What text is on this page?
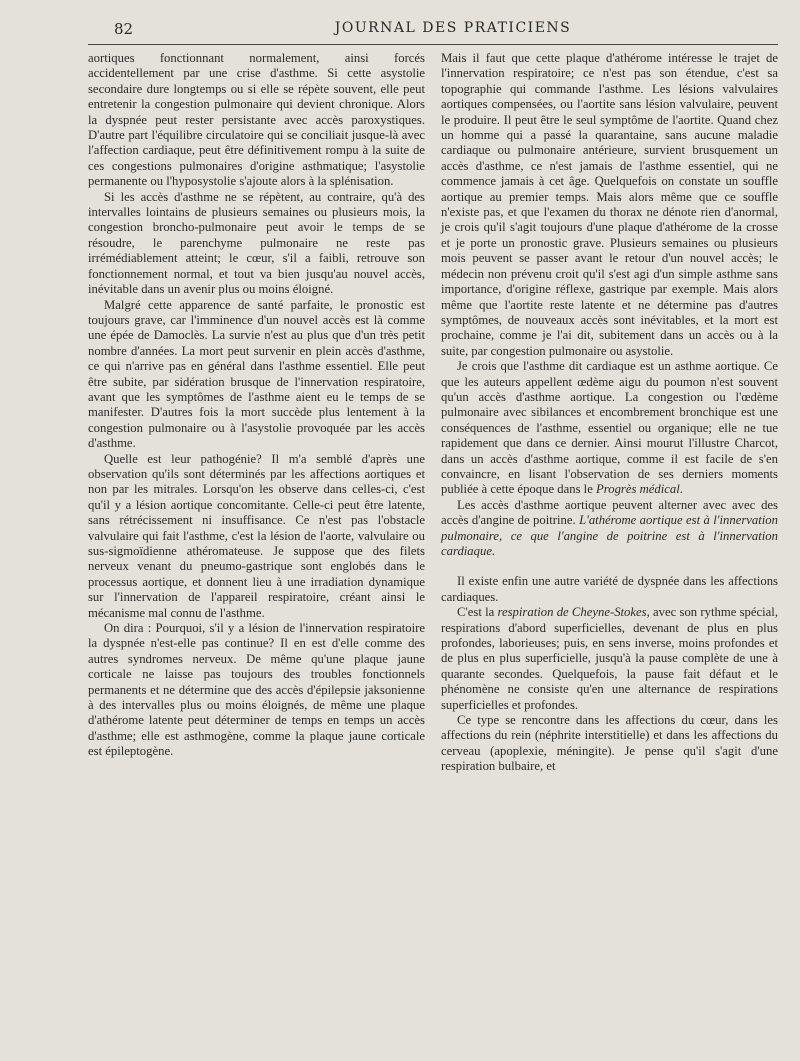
82	JOURNAL DES PRATICIENS

aortiques fonctionnant normalement, ainsi forcés accidentellement par une crise d'asthme. Si cette asystolie secondaire dure longtemps ou si elle se répète souvent, elle peut entretenir la congestion pulmonaire qui devient chronique. Alors la dyspnée peut rester persistante avec accès paroxystiques. D'autre part l'équilibre circulatoire qui se conciliait jusque-là avec l'affection cardiaque, peut être définitivement rompu à la suite de ces congestions pulmonaires d'origine asthmatique; l'asystolie permanente ou l'hyposystolie s'ajoute alors à la splénisation.

Si les accès d'asthme ne se répètent, au contraire, qu'à des intervalles lointains de plusieurs semaines ou plusieurs mois, la congestion broncho-pulmonaire peut avoir le temps de se résoudre, le parenchyme pulmonaire ne reste pas irrémédiablement atteint; le cœur, s'il a faibli, retrouve son fonctionnement normal, et tout va bien jusqu'au nouvel accès, inévitable dans un avenir plus ou moins éloigné.

Malgré cette apparence de santé parfaite, le pronostic est toujours grave, car l'imminence d'un nouvel accès est là comme une épée de Damoclès. La survie n'est au plus que d'un très petit nombre d'années. La mort peut survenir en plein accès d'asthme, ce qui n'arrive pas en général dans l'asthme essentiel. Elle peut être subite, par sidération brusque de l'innervation respiratoire, avant que les symptômes de l'asthme aient eu le temps de se manifester. D'autres fois la mort succède plus lentement à la congestion pulmonaire ou à l'asystolie provoquée par les accès d'asthme.

Quelle est leur pathogénie? Il m'a semblé d'après une observation qu'ils sont déterminés par les affections aortiques et non par les mitrales. Lorsqu'on les observe dans celles-ci, c'est qu'il y a lésion aortique concomitante. Celle-ci peut être latente, sans rétrécissement ni insuffisance. Ce n'est pas l'obstacle valvulaire qui fait l'asthme, c'est la lésion de l'aorte, valvulaire ou sus-sigmoïdienne athéromateuse. Je suppose que des filets nerveux venant du pneumo-gastrique sont englobés dans le processus aortique, et donnent lieu à une irradiation dynamique sur l'innervation de l'appareil respiratoire, créant ainsi le mécanisme mal connu de l'asthme.

On dira : Pourquoi, s'il y a lésion de l'innervation respiratoire la dyspnée n'est-elle pas continue? Il en est d'elle comme des autres syndromes nerveux. De même qu'une plaque jaune corticale ne laisse pas toujours des troubles fonctionnels permanents et ne détermine que des accès d'épilepsie jaksonienne à des intervalles plus ou moins éloignés, de même une plaque d'athérome latente peut déterminer de temps en temps un accès d'asthme; elle est asthmogène, comme la plaque jaune corticale est épileptogène.

Mais il faut que cette plaque d'athérome intéresse le trajet de l'innervation respiratoire; ce n'est pas son étendue, c'est sa topographie qui commande l'asthme. Les lésions valvulaires aortiques compensées, ou l'aortite sans lésion valvulaire, peuvent le produire. Il peut être le seul symptôme de l'aortite. Quand chez un homme qui a passé la quarantaine, sans aucune maladie cardiaque ou pulmonaire antérieure, survient brusquement un accès d'asthme, ce n'est jamais de l'asthme essentiel, qui ne commence jamais à cet âge. Quelquefois on constate un souffle aortique au premier temps. Mais alors même que ce souffle n'existe pas, et que l'examen du thorax ne dénote rien d'anormal, je crois qu'il s'agit toujours d'une plaque d'athérome de la crosse et je porte un pronostic grave. Plusieurs semaines ou plusieurs mois peuvent se passer avant le retour d'un nouvel accès; le médecin non prévenu croit qu'il s'est agi d'un simple asthme sans importance, d'origine réflexe, gastrique par exemple. Mais alors même que l'aortite reste latente et ne détermine pas d'autres symptômes, de nouveaux accès sont inévitables, et la mort est prochaine, comme je l'ai dit, subitement dans un accès ou à la suite, par congestion pulmonaire ou asystolie.

Je crois que l'asthme dit cardiaque est un asthme aortique. Ce que les auteurs appellent œdème aigu du poumon n'est souvent qu'un accès d'asthme aortique. La congestion ou l'œdème pulmonaire avec sibilances et encombrement bronchique est une conséquences de l'asthme, essentiel ou organique; elle ne tue rapidement que dans ce dernier. Ainsi mourut l'illustre Charcot, dans un accès d'asthme aortique, comme il est facile de s'en convaincre, en lisant l'observation de ses derniers moments publiée à cette époque dans le Progrès médical.

Les accès d'asthme aortique peuvent alterner avec avec des accès d'angine de poitrine. L'athérome aortique est à l'innervation pulmonaire, ce que l'angine de poitrine est à l'innervation cardiaque.

Il existe enfin une autre variété de dyspnée dans les affections cardiaques.

C'est la respiration de Cheyne-Stokes, avec son rythme spécial, respirations d'abord superficielles, devenant de plus en plus profondes, laborieuses; puis, en sens inverse, moins profondes et de plus en plus superficielle, jusqu'à la pause complète de une à quarante secondes. Quelquefois, la pause fait défaut et le phénomène ne consiste qu'en une alternance de respirations superficielles et profondes.

Ce type se rencontre dans les affections du cœur, dans les affections du rein (néphrite interstitielle) et dans les affections du cerveau (apoplexie, méningite). Je pense qu'il s'agit d'une respiration bulbaire, et
